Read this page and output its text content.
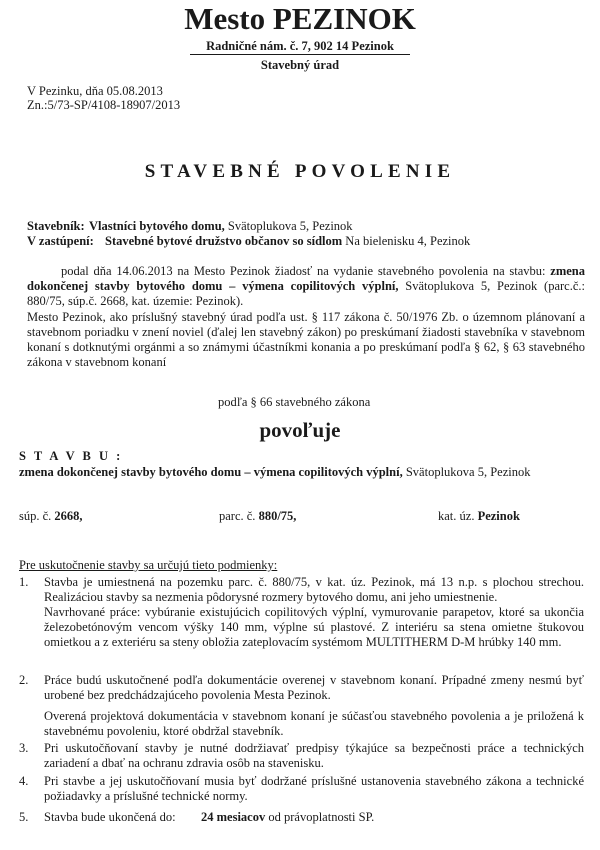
Mesto PEZINOK
Radničné nám. č. 7, 902 14 Pezinok
Stavebný úrad
V Pezinku, dňa 05.08.2013
Zn.:5/73-SP/4108-18907/2013
STAVEBNÉ POVOLENIE
Stavebník: Vlastníci bytového domu, Svätoplukova 5, Pezinok
V zastúpení: Stavebné bytové družstvo občanov so sídlom Na bielenisku 4, Pezinok
podal dňa 14.06.2013 na Mesto Pezinok žiadosť na vydanie stavebného povolenia na stavbu: zmena dokončenej stavby bytového domu – výmena copilitových výplní, Svätoplukova 5, Pezinok (parc.č.: 880/75, súp.č. 2668, kat. územie: Pezinok).
Mesto Pezinok, ako príslušný stavebný úrad podľa ust. § 117 zákona č. 50/1976 Zb. o územnom plánovaní a stavebnom poriadku v znení noviel (ďalej len stavebný zákon) po preskúmaní žiadosti stavebníka v stavebnom konaní s dotknutými orgánmi a so známymi účastníkmi konania a po preskúmaní podľa § 62, § 63 stavebného zákona v stavebnom konaní
podľa § 66 stavebného zákona
povoľuje
S T A V B U :
zmena dokončenej stavby bytového domu – výmena copilitových výplní, Svätoplukova 5, Pezinok
súp. č. 2668,	parc. č. 880/75,	kat. úz. Pezinok
Pre uskutočnenie stavby sa určujú tieto podmienky:
1. Stavba je umiestnená na pozemku parc. č. 880/75, v kat. úz. Pezinok, má 13 n.p. s plochou strechou. Realizáciou stavby sa nezmenia pôdorysné rozmery bytového domu, ani jeho umiestnenie.
Navrhované práce: vybúranie existujúcich copilitových výplní, vymurovanie parapetov, ktoré sa ukončia železobetónovým vencom výšky 140 mm, výplne sú plastové. Z interiéru sa stena omietne štukovou omietkou a z exteriéru sa steny obložia zateplovacím systémom MULTITHERM D-M hrúbky 140 mm.
2. Práce budú uskutočnené podľa dokumentácie overenej v stavebnom konaní. Prípadné zmeny nesmú byť urobené bez predchádzajúceho povolenia Mesta Pezinok.
Overená projektová dokumentácia v stavebnom konaní je súčasťou stavebného povolenia a je priložená k stavebnému povoleniu, ktoré obdržal stavebník.
3. Pri uskutočňovaní stavby je nutné dodržiavať predpisy týkajúce sa bezpečnosti práce a technických zariadení a dbať na ochranu zdravia osôb na stavenisku.
4. Pri stavbe a jej uskutočňovaní musia byť dodržané príslušné ustanovenia stavebného zákona a technické požiadavky a príslušné technické normy.
5. Stavba bude ukončená do:24 mesiacov od právoplatnosti SP.
